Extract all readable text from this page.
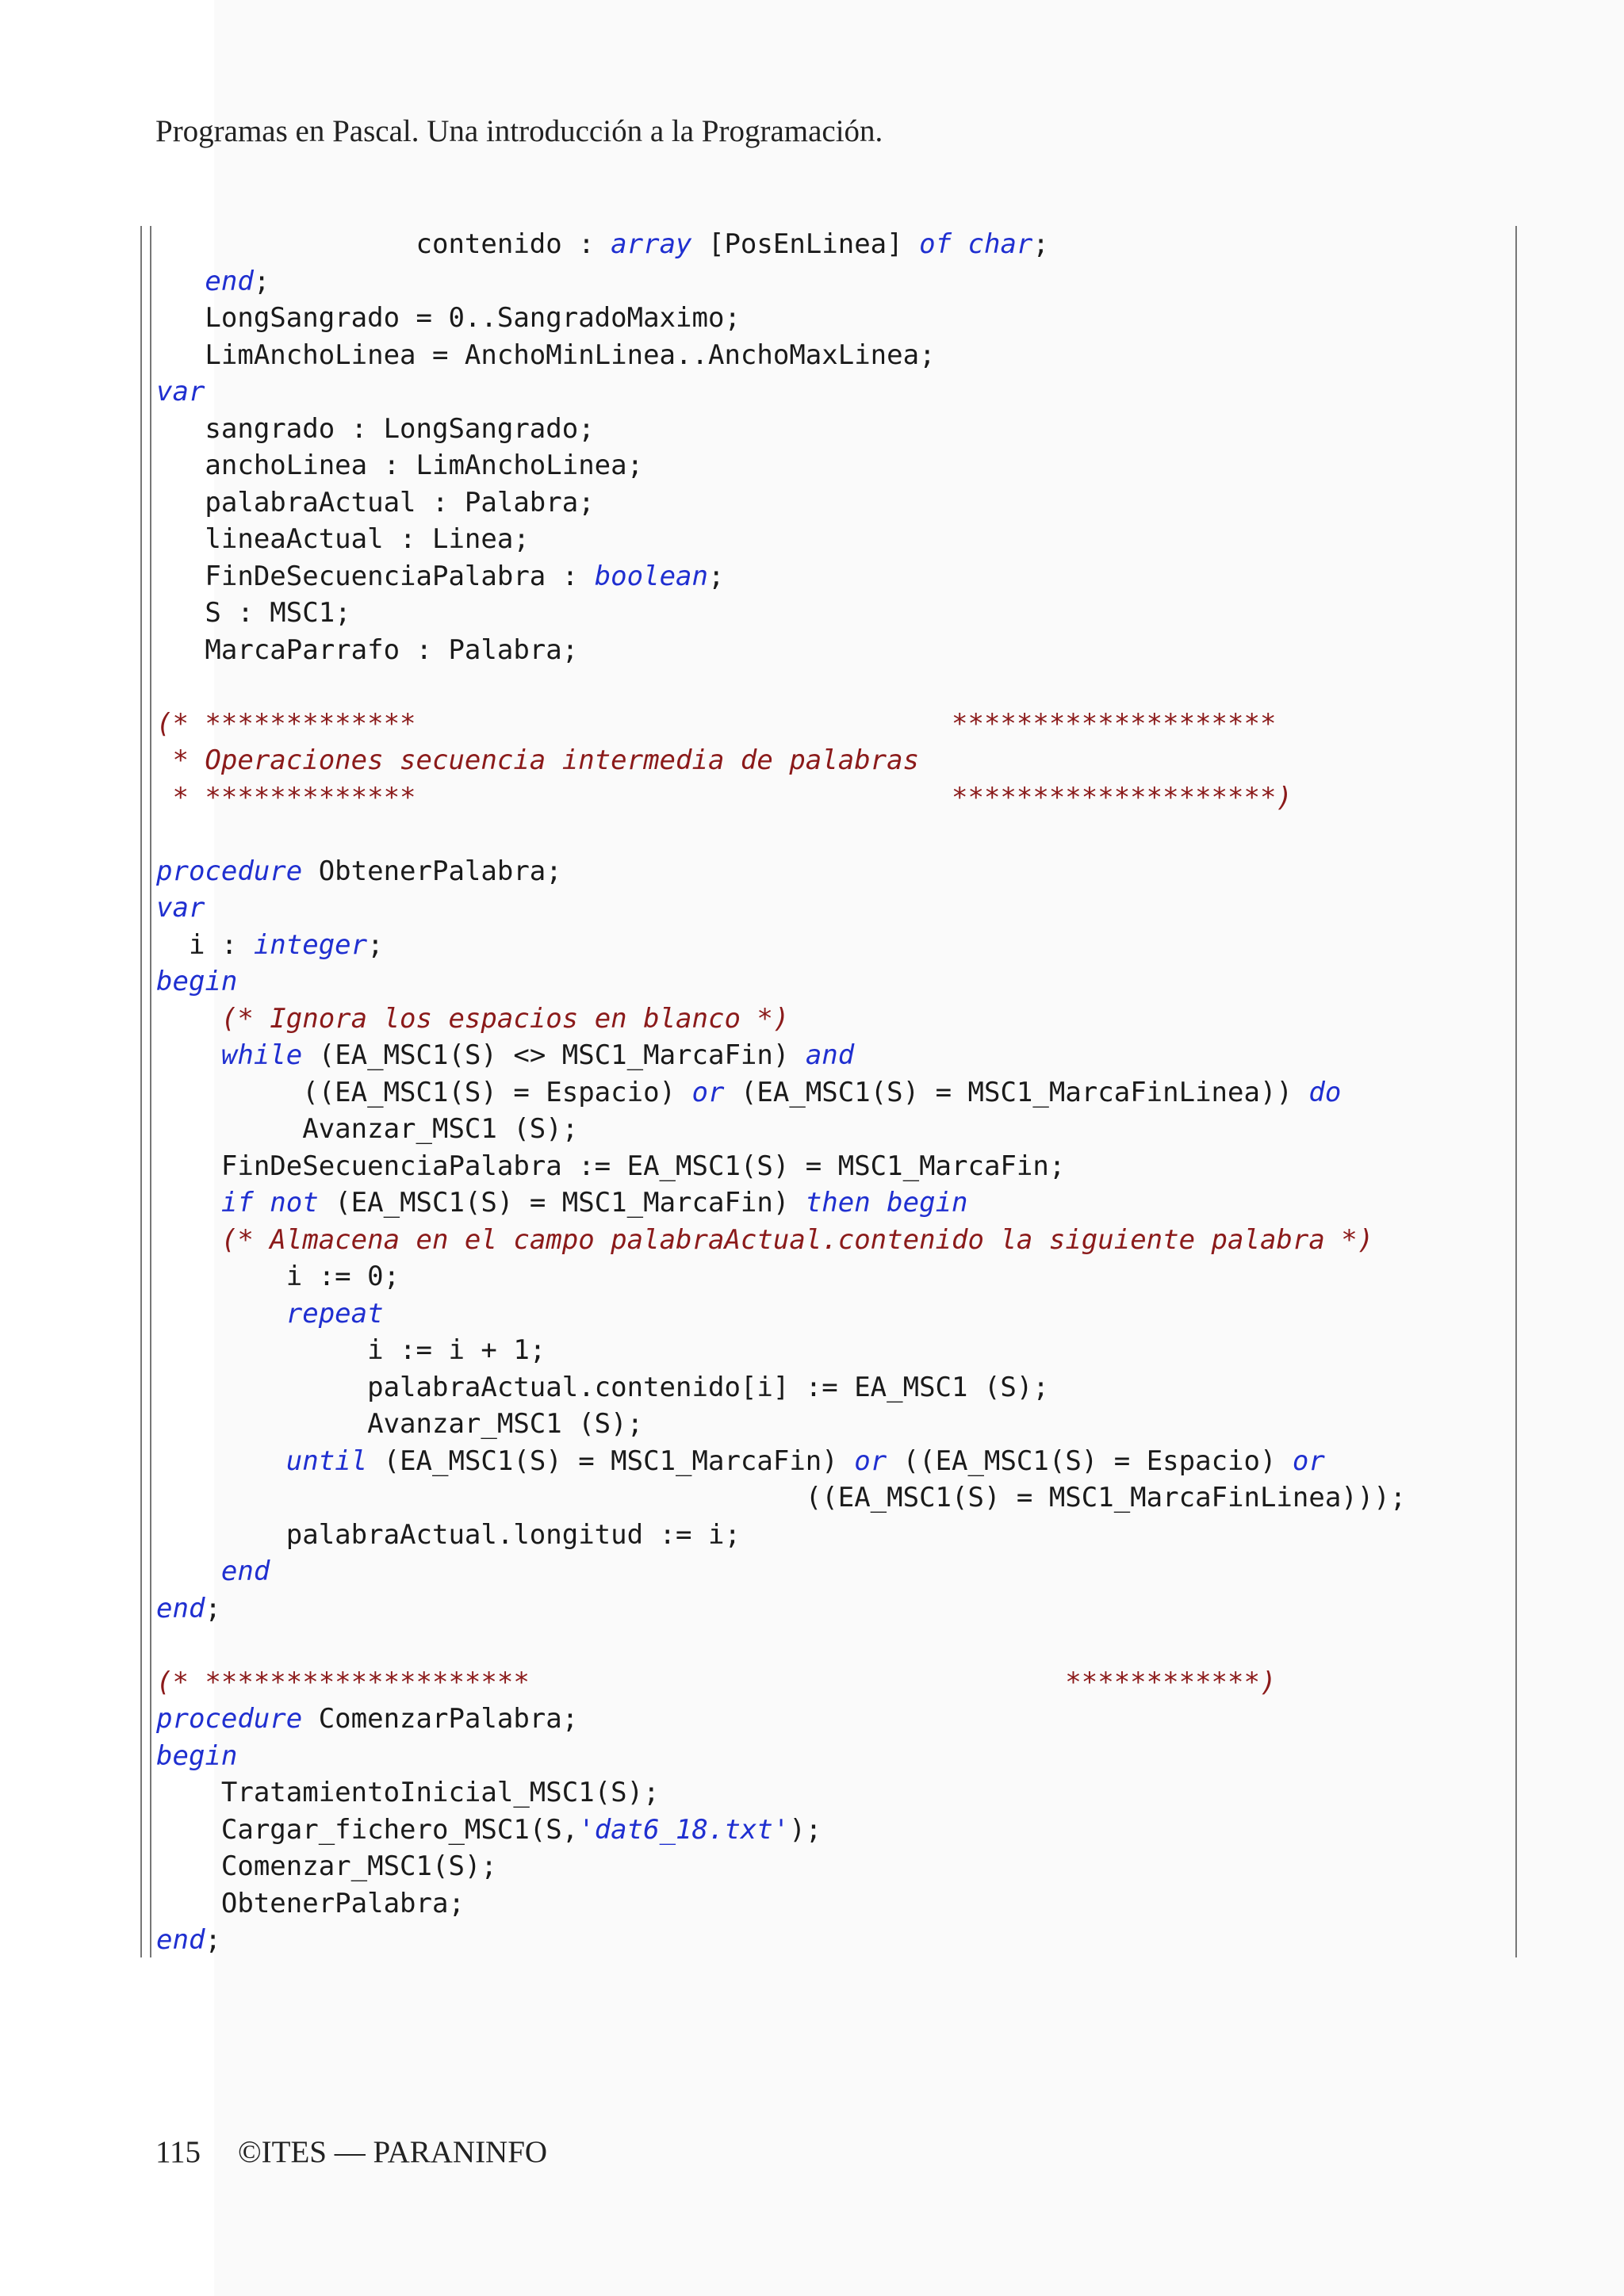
Programas en Pascal. Una introducción a la Programación.
contenido : array [PosEnLinea] of char;
end;
LongSangrado = 0..SangradoMaximo;
LimAnchoLinea = AnchoMinLinea..AnchoMaxLinea;
var
sangrado : LongSangrado;
anchoLinea : LimAnchoLinea;
palabraActual : Palabra;
lineaActual : Linea;
FinDeSecuenciaPalabra : boolean;
S : MSC1;
MarcaParrafo : Palabra;
(* *************                                 ********************
* Operaciones secuencia intermedia de palabras
* *************                                 ********************)
procedure ObtenerPalabra;
var
i : integer;
begin
(* Ignora los espacios en blanco *)
while (EA_MSC1(S) <> MSC1_MarcaFin) and
((EA_MSC1(S) = Espacio) or (EA_MSC1(S) = MSC1_MarcaFinLinea)) do
Avanzar_MSC1 (S);
FinDeSecuenciaPalabra := EA_MSC1(S) = MSC1_MarcaFin;
if not (EA_MSC1(S) = MSC1_MarcaFin) then begin
(* Almacena en el campo palabraActual.contenido la siguiente palabra *)
i := 0;
repeat
i := i + 1;
palabraActual.contenido[i] := EA_MSC1 (S);
Avanzar_MSC1 (S);
until (EA_MSC1(S) = MSC1_MarcaFin) or ((EA_MSC1(S) = Espacio) or
((EA_MSC1(S) = MSC1_MarcaFinLinea)));
palabraActual.longitud := i;
end
end;
(* ********************                                 ************)
procedure ComenzarPalabra;
begin
TratamientoInicial_MSC1(S);
Cargar_fichero_MSC1(S,'dat6_18.txt');
Comenzar_MSC1(S);
ObtenerPalabra;
end;
115 ©ITES — PARANINFO
